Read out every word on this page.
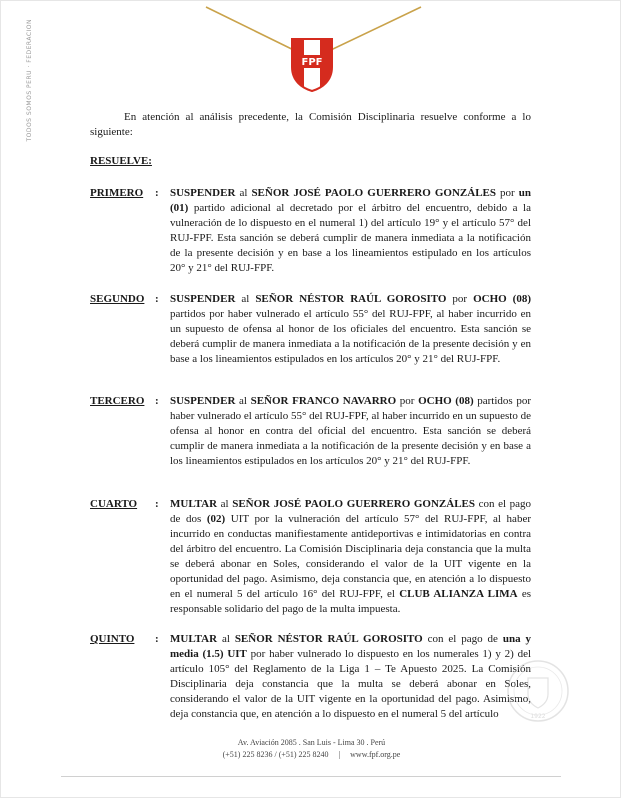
TODOS SOMOS PERÚ · FEDERACIÓN	FPF
En atención al análisis precedente, la Comisión Disciplinaria resuelve conforme a lo siguiente:
RESUELVE:
PRIMERO : SUSPENDER al SEÑOR JOSÉ PAOLO GUERRERO GONZÁLES por un (01) partido adicional al decretado por el árbitro del encuentro, debido a la vulneración de lo dispuesto en el numeral 1) del artículo 19° y el artículo 57° del RUJ-FPF. Esta sanción se deberá cumplir de manera inmediata a la notificación de la presente decisión y en base a los lineamientos estipulado en los artículos 20° y 21° del RUJ-FPF.
SEGUNDO : SUSPENDER al SEÑOR NÉSTOR RAÚL GOROSITO por OCHO (08) partidos por haber vulnerado el artículo 55° del RUJ-FPF, al haber incurrido en un supuesto de ofensa al honor de los oficiales del encuentro. Esta sanción se deberá cumplir de manera inmediata a la notificación de la presente decisión y en base a los lineamientos estipulados en los artículos 20° y 21° del RUJ-FPF.
TERCERO : SUSPENDER al SEÑOR FRANCO NAVARRO por OCHO (08) partidos por haber vulnerado el artículo 55° del RUJ-FPF, al haber incurrido en un supuesto de ofensa al honor en contra del oficial del encuentro. Esta sanción se deberá cumplir de manera inmediata a la notificación de la presente decisión y en base a los lineamientos estipulados en los artículos 20° y 21° del RUJ-FPF.
CUARTO : MULTAR al SEÑOR JOSÉ PAOLO GUERRERO GONZÁLES con el pago de dos (02) UIT por la vulneración del artículo 57° del RUJ-FPF, al haber incurrido en conductas manifiestamente antideportivas e intimidatorias en contra del árbitro del encuentro. La Comisión Disciplinaria deja constancia que la multa se deberá abonar en Soles, considerando el valor de la UIT vigente en la oportunidad del pago. Asimismo, deja constancia que, en atención a lo dispuesto en el numeral 5 del artículo 16° del RUJ-FPF, el CLUB ALIANZA LIMA es responsable solidario del pago de la multa impuesta.
QUINTO : MULTAR al SEÑOR NÉSTOR RAÚL GOROSITO con el pago de una y media (1.5) UIT por haber vulnerado lo dispuesto en los numerales 1) y 2) del artículo 105° del Reglamento de la Liga 1 – Te Apuesto 2025. La Comisión Disciplinaria deja constancia que la multa se deberá abonar en Soles, considerando el valor de la UIT vigente en la oportunidad del pago. Asimismo, deja constancia que, en atención a lo dispuesto en el numeral 5 del artículo	1922
Av. Aviación 2085 . San Luis - Lima 30 . Perú
(+51) 225 8236 / (+51) 225 8240 | www.fpf.org.pe
